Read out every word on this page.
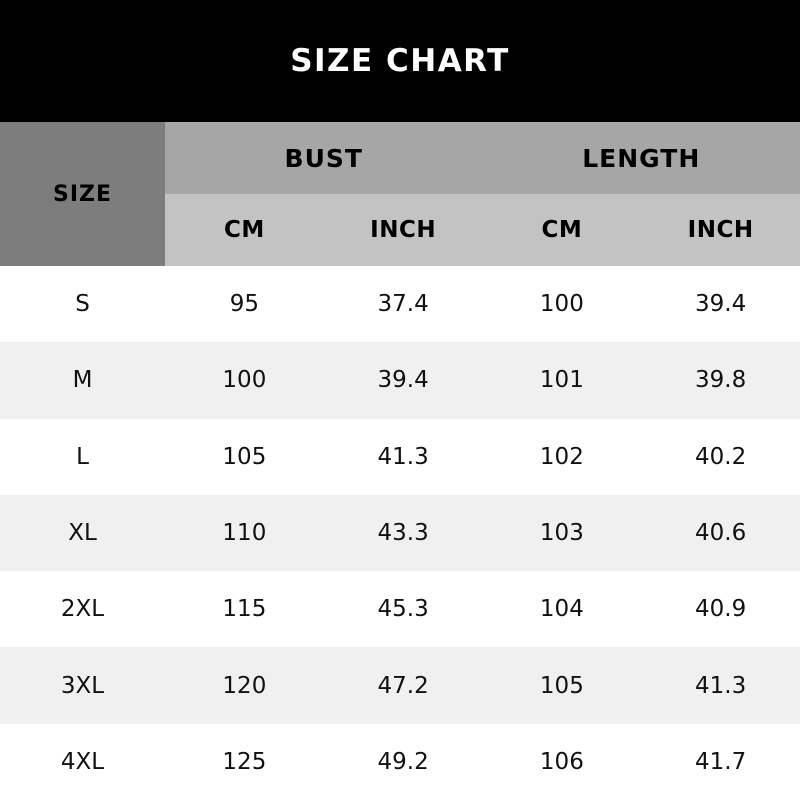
SIZE CHART
SIZE
BUST	LENGTH
CM	INCH	CM	INCH
S	95	37.4	100	39.4
M	100	39.4	101	39.8
L	105	41.3	102	40.2
XL	110	43.3	103	40.6
2XL	115	45.3	104	40.9
3XL	120	47.2	105	41.3
4XL	125	49.2	106	41.7
